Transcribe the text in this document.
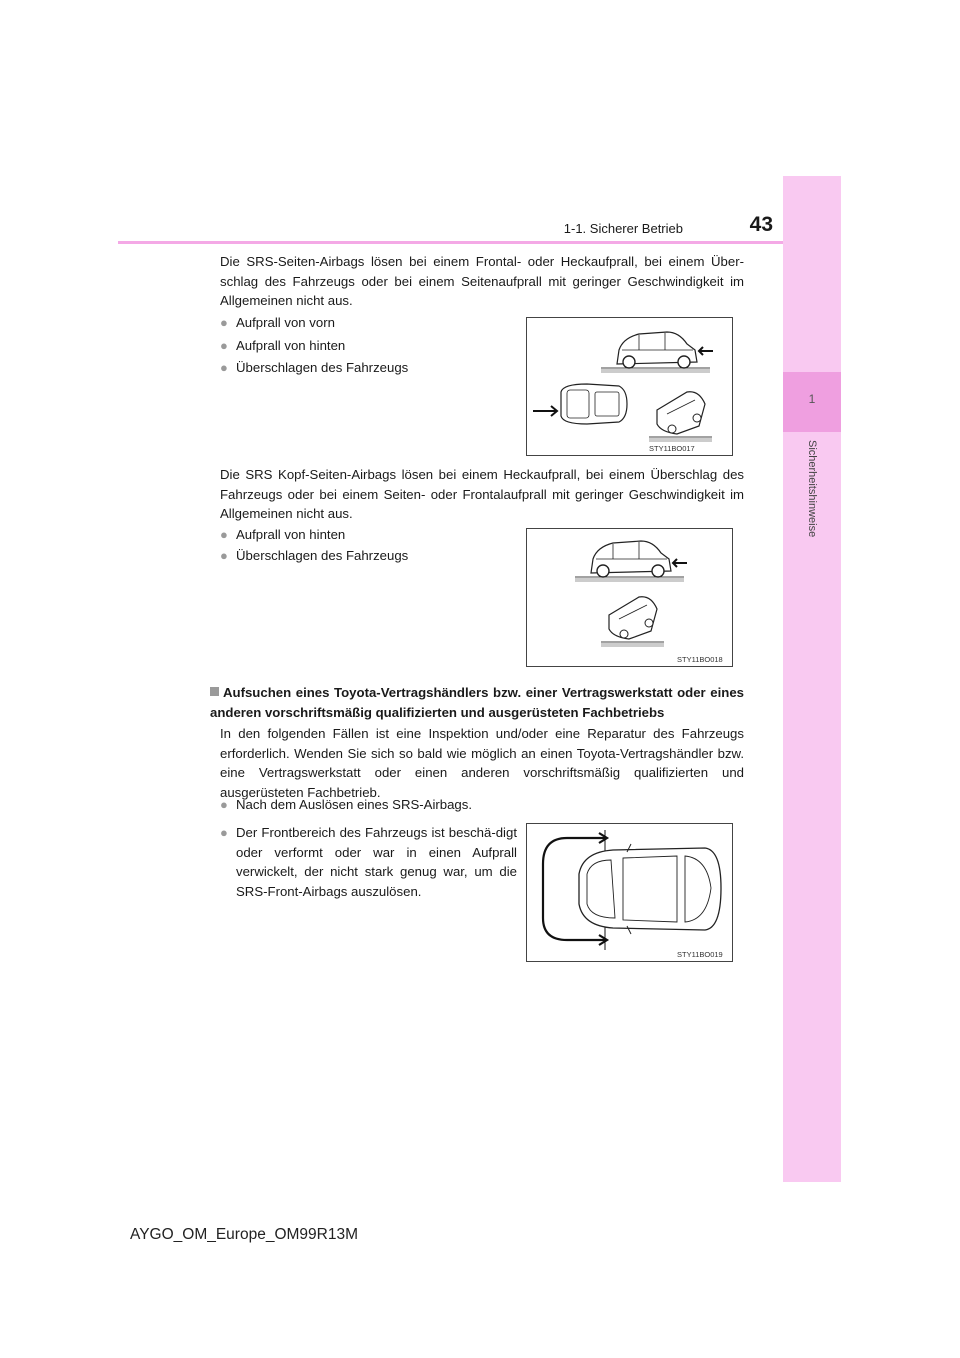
1-1. Sicherer Betrieb	43
1
Sicherheitshinweise
Die SRS-Seiten-Airbags lösen bei einem Frontal- oder Heckaufprall, bei einem Über-schlag des Fahrzeugs oder bei einem Seitenaufprall mit geringer Geschwindigkeit im Allgemeinen nicht aus.
● Aufprall von vorn
● Aufprall von hinten
● Überschlagen des Fahrzeugs
STY11BO017
Die SRS Kopf-Seiten-Airbags lösen bei einem Heckaufprall, bei einem Überschlag des Fahrzeugs oder bei einem Seiten- oder Frontalaufprall mit geringer Geschwindigkeit im Allgemeinen nicht aus.
● Aufprall von hinten
● Überschlagen des Fahrzeugs
STY11BO018
Aufsuchen eines Toyota-Vertragshändlers bzw. einer Vertragswerkstatt oder eines anderen vorschriftsmäßig qualifizierten und ausgerüsteten Fachbetriebs
In den folgenden Fällen ist eine Inspektion und/oder eine Reparatur des Fahrzeugs erforderlich. Wenden Sie sich so bald wie möglich an einen Toyota-Vertragshändler bzw. eine Vertragswerkstatt oder einen anderen vorschriftsmäßig qualifizierten und ausgerüsteten Fachbetrieb.
● Nach dem Auslösen eines SRS-Airbags.
● Der Frontbereich des Fahrzeugs ist beschä-digt oder verformt oder war in einen Aufprall verwickelt, der nicht stark genug war, um die SRS-Front-Airbags auszulösen.
STY11BO019
AYGO_OM_Europe_OM99R13M
